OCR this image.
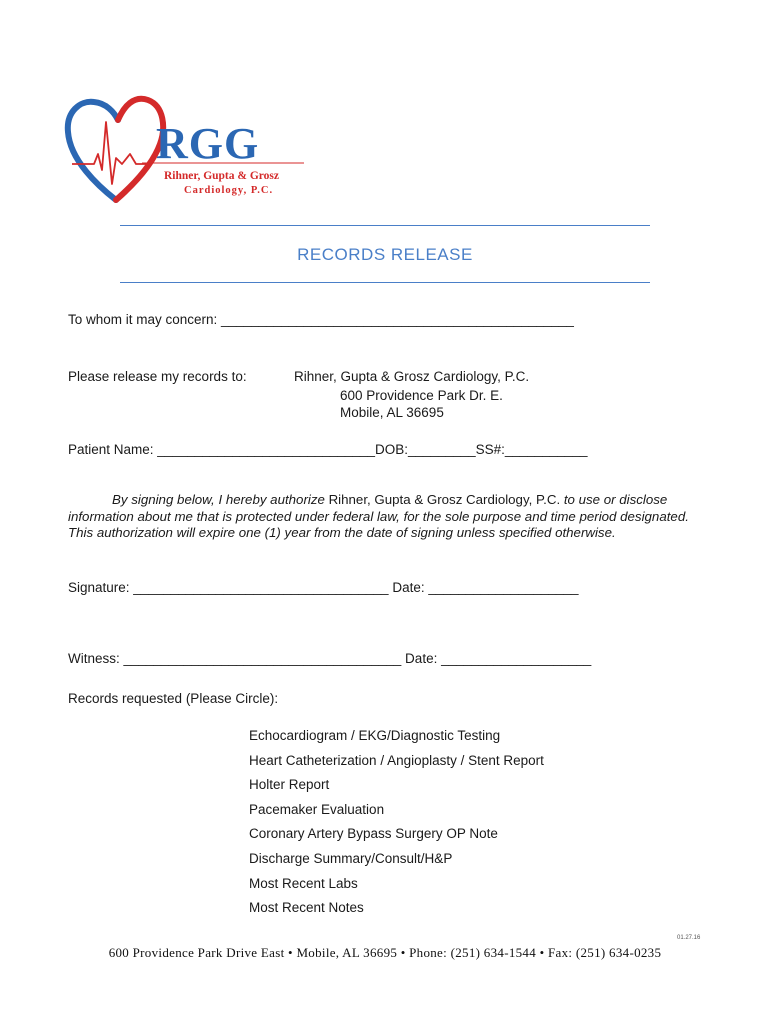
RGG
Rihner, Gupta & Grosz
Cardiology, P.C.
RECORDS RELEASE
To whom it may concern: _______________________________________________
Please release my records to:	Rihner, Gupta & Grosz Cardiology, P.C.
600 Providence Park Dr. E.
Mobile, AL 36695
Patient Name: _____________________________DOB:_________SS#:___________
By signing below, I hereby authorize Rihner, Gupta & Grosz Cardiology, P.C. to use or disclose information about me that is protected under federal law, for the sole purpose and time period designated. This authorization will expire one (1) year from the date of signing unless specified otherwise.
Signature: __________________________________ Date: ____________________
Witness: _____________________________________ Date: ____________________
Records requested (Please Circle):
Echocardiogram / EKG/Diagnostic Testing
Heart Catheterization / Angioplasty / Stent Report
Holter Report
Pacemaker Evaluation
Coronary Artery Bypass Surgery OP Note
Discharge Summary/Consult/H&P
Most Recent Labs
Most Recent Notes
01.27.16
600 Providence Park Drive East • Mobile, AL 36695 • Phone: (251) 634-1544 • Fax: (251) 634-0235
